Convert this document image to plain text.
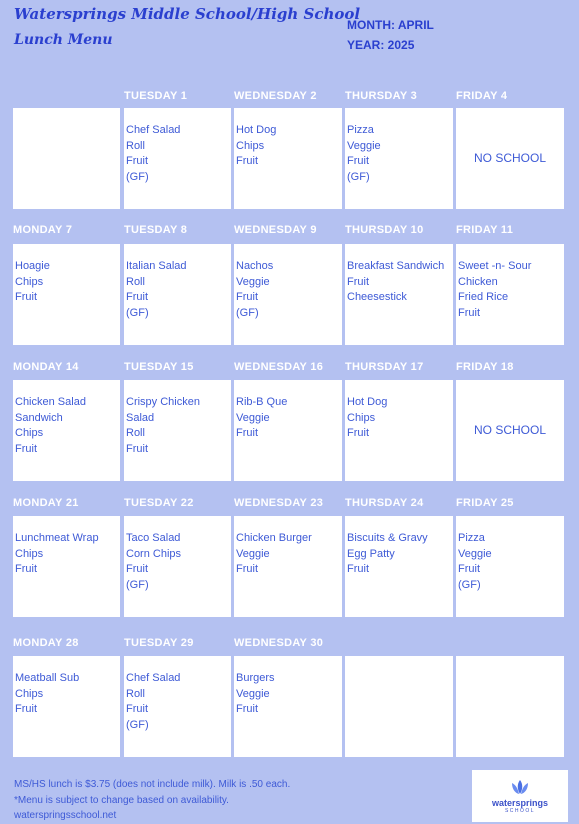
Watersprings Middle School/High School
Lunch Menu
MONTH: APRIL
YEAR: 2025
TUESDAY 1
Chef Salad
Roll
Fruit
(GF)
WEDNESDAY 2
Hot Dog
Chips
Fruit
THURSDAY 3
Pizza
Veggie
Fruit
(GF)
FRIDAY 4
NO SCHOOL
MONDAY 7
Hoagie
Chips
Fruit
TUESDAY 8
Italian Salad
Roll
Fruit
(GF)
WEDNESDAY 9
Nachos
Veggie
Fruit
(GF)
THURSDAY 10
Breakfast Sandwich
Fruit
Cheesestick
FRIDAY 11
Sweet -n- Sour
Chicken
Fried Rice
Fruit
MONDAY 14
Chicken Salad
Sandwich
Chips
Fruit
TUESDAY 15
Crispy Chicken
Salad
Roll
Fruit
WEDNESDAY 16
Rib-B Que
Veggie
Fruit
THURSDAY 17
Hot Dog
Chips
Fruit
FRIDAY 18
NO SCHOOL
MONDAY 21
Lunchmeat Wrap
Chips
Fruit
TUESDAY 22
Taco Salad
Corn Chips
Fruit
(GF)
WEDNESDAY 23
Chicken Burger
Veggie
Fruit
THURSDAY 24
Biscuits & Gravy
Egg Patty
Fruit
FRIDAY 25
Pizza
Veggie
Fruit
(GF)
MONDAY 28
Meatball Sub
Chips
Fruit
TUESDAY 29
Chef Salad
Roll
Fruit
(GF)
WEDNESDAY 30
Burgers
Veggie
Fruit
MS/HS lunch is $3.75 (does not include milk). Milk is .50 each.
*Menu is subject to change based on availability.
waterspringsschool.net
watersprings
SCHOOL
